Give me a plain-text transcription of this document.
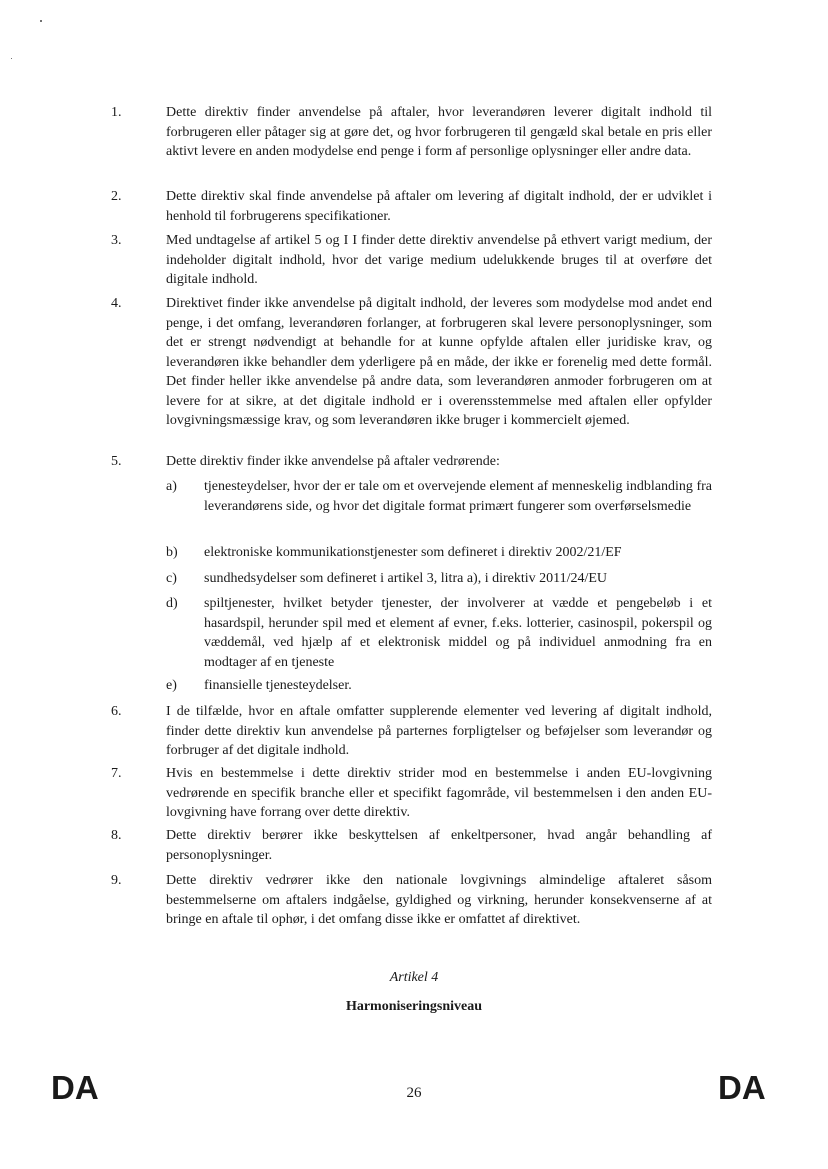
1.	Dette direktiv finder anvendelse på aftaler, hvor leverandøren leverer digitalt indhold til forbrugeren eller påtager sig at gøre det, og hvor forbrugeren til gengæld skal betale en pris eller aktivt levere en anden modydelse end penge i form af personlige oplysninger eller andre data.
2.	Dette direktiv skal finde anvendelse på aftaler om levering af digitalt indhold, der er udviklet i henhold til forbrugerens specifikationer.
3.	Med undtagelse af artikel 5 og I I finder dette direktiv anvendelse på ethvert varigt medium, der indeholder digitalt indhold, hvor det varige medium udelukkende bruges til at overføre det digitale indhold.
4.	Direktivet finder ikke anvendelse på digitalt indhold, der leveres som modydelse mod andet end penge, i det omfang, leverandøren forlanger, at forbrugeren skal levere personoplysninger, som det er strengt nødvendigt at behandle for at kunne opfylde aftalen eller juridiske krav, og leverandøren ikke behandler dem yderligere på en måde, der ikke er forenelig med dette formål. Det finder heller ikke anvendelse på andre data, som leverandøren anmoder forbrugeren om at levere for at sikre, at det digitale indhold er i overensstemmelse med aftalen eller opfylder lovgivningsmæssige krav, og som leverandøren ikke bruger i kommercielt øjemed.
5.	Dette direktiv finder ikke anvendelse på aftaler vedrørende:
a) tjenesteydelser, hvor der er tale om et overvejende element af menneskelig indblanding fra leverandørens side, og hvor det digitale format primært fungerer som overførselsmedie
b) elektroniske kommunikationstjenester som defineret i direktiv 2002/21/EF
c) sundhedsydelser som defineret i artikel 3, litra a), i direktiv 2011/24/EU
d) spiltjenester, hvilket betyder tjenester, der involverer at vædde et pengebeløb i et hasardspil, herunder spil med et element af evner, f.eks. lotterier, casinospil, pokerspil og væddemål, ved hjælp af et elektronisk middel og på individuel anmodning fra en modtager af en tjeneste
e) finansielle tjenesteydelser.
6.	I de tilfælde, hvor en aftale omfatter supplerende elementer ved levering af digitalt indhold, finder dette direktiv kun anvendelse på parternes forpligtelser og beføjelser som leverandør og forbruger af det digitale indhold.
7.	Hvis en bestemmelse i dette direktiv strider mod en bestemmelse i anden EU-lovgivning vedrørende en specifik branche eller et specifikt fagområde, vil bestemmelsen i den anden EU-lovgivning have forrang over dette direktiv.
8.	Dette direktiv berører ikke beskyttelsen af enkeltpersoner, hvad angår behandling af personoplysninger.
9.	Dette direktiv vedrører ikke den nationale lovgivnings almindelige aftaleret såsom bestemmelserne om aftalers indgåelse, gyldighed og virkning, herunder konsekvenserne af at bringe en aftale til ophør, i det omfang disse ikke er omfattet af direktivet.
Artikel 4
Harmoniseringsniveau
DA	26	DA
